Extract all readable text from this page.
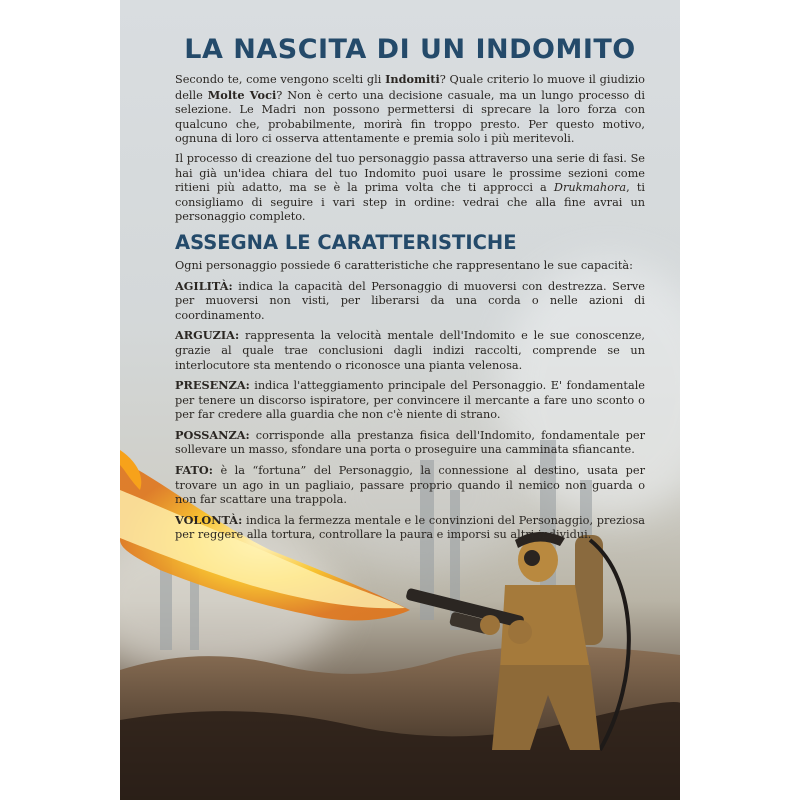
LA NASCITA DI UN INDOMITO

Secondo te, come vengono scelti gli Indomiti? Quale criterio lo muove il giudizio delle Molte Voci? Non è certo una decisione casuale, ma un lungo processo di selezione. Le Madri non possono permettersi di sprecare la loro forza con qualcuno che, probabilmente, morirà fin troppo presto. Per questo motivo, ognuna di loro ci osserva attentamente e premia solo i più meritevoli.

Il processo di creazione del tuo personaggio passa attraverso una serie di fasi. Se hai già un'idea chiara del tuo Indomito puoi usare le prossime sezioni come ritieni più adatto, ma se è la prima volta che ti approcci a Drukmahora, ti consigliamo di seguire i vari step in ordine: vedrai che alla fine avrai un personaggio completo.

ASSEGNA LE CARATTERISTICHE

Ogni personaggio possiede 6 caratteristiche che rappresentano le sue capacità:

AGILITÀ: indica la capacità del Personaggio di muoversi con destrezza. Serve per muoversi non visti, per liberarsi da una corda o nelle azioni di coordinamento.

ARGUZIA: rappresenta la velocità mentale dell'Indomito e le sue conoscenze, grazie al quale trae conclusioni dagli indizi raccolti, comprende se un interlocutore sta mentendo o riconosce una pianta velenosa.

PRESENZA: indica l'atteggiamento principale del Personaggio. E' fondamentale per tenere un discorso ispiratore, per convincere il mercante a fare uno sconto o per far credere alla guardia che non c'è niente di strano.

POSSANZA: corrisponde alla prestanza fisica dell'Indomito, fondamentale per sollevare un masso, sfondare una porta o proseguire una camminata sfiancante.

FATO: è la “fortuna” del Personaggio, la connessione al destino, usata per trovare un ago in un pagliaio, passare proprio quando il nemico non guarda o non far scattare una trappola.

VOLONTÀ: indica la fermezza mentale e le convinzioni del Personaggio, preziosa per reggere alla tortura, controllare la paura e imporsi su altri individui.
